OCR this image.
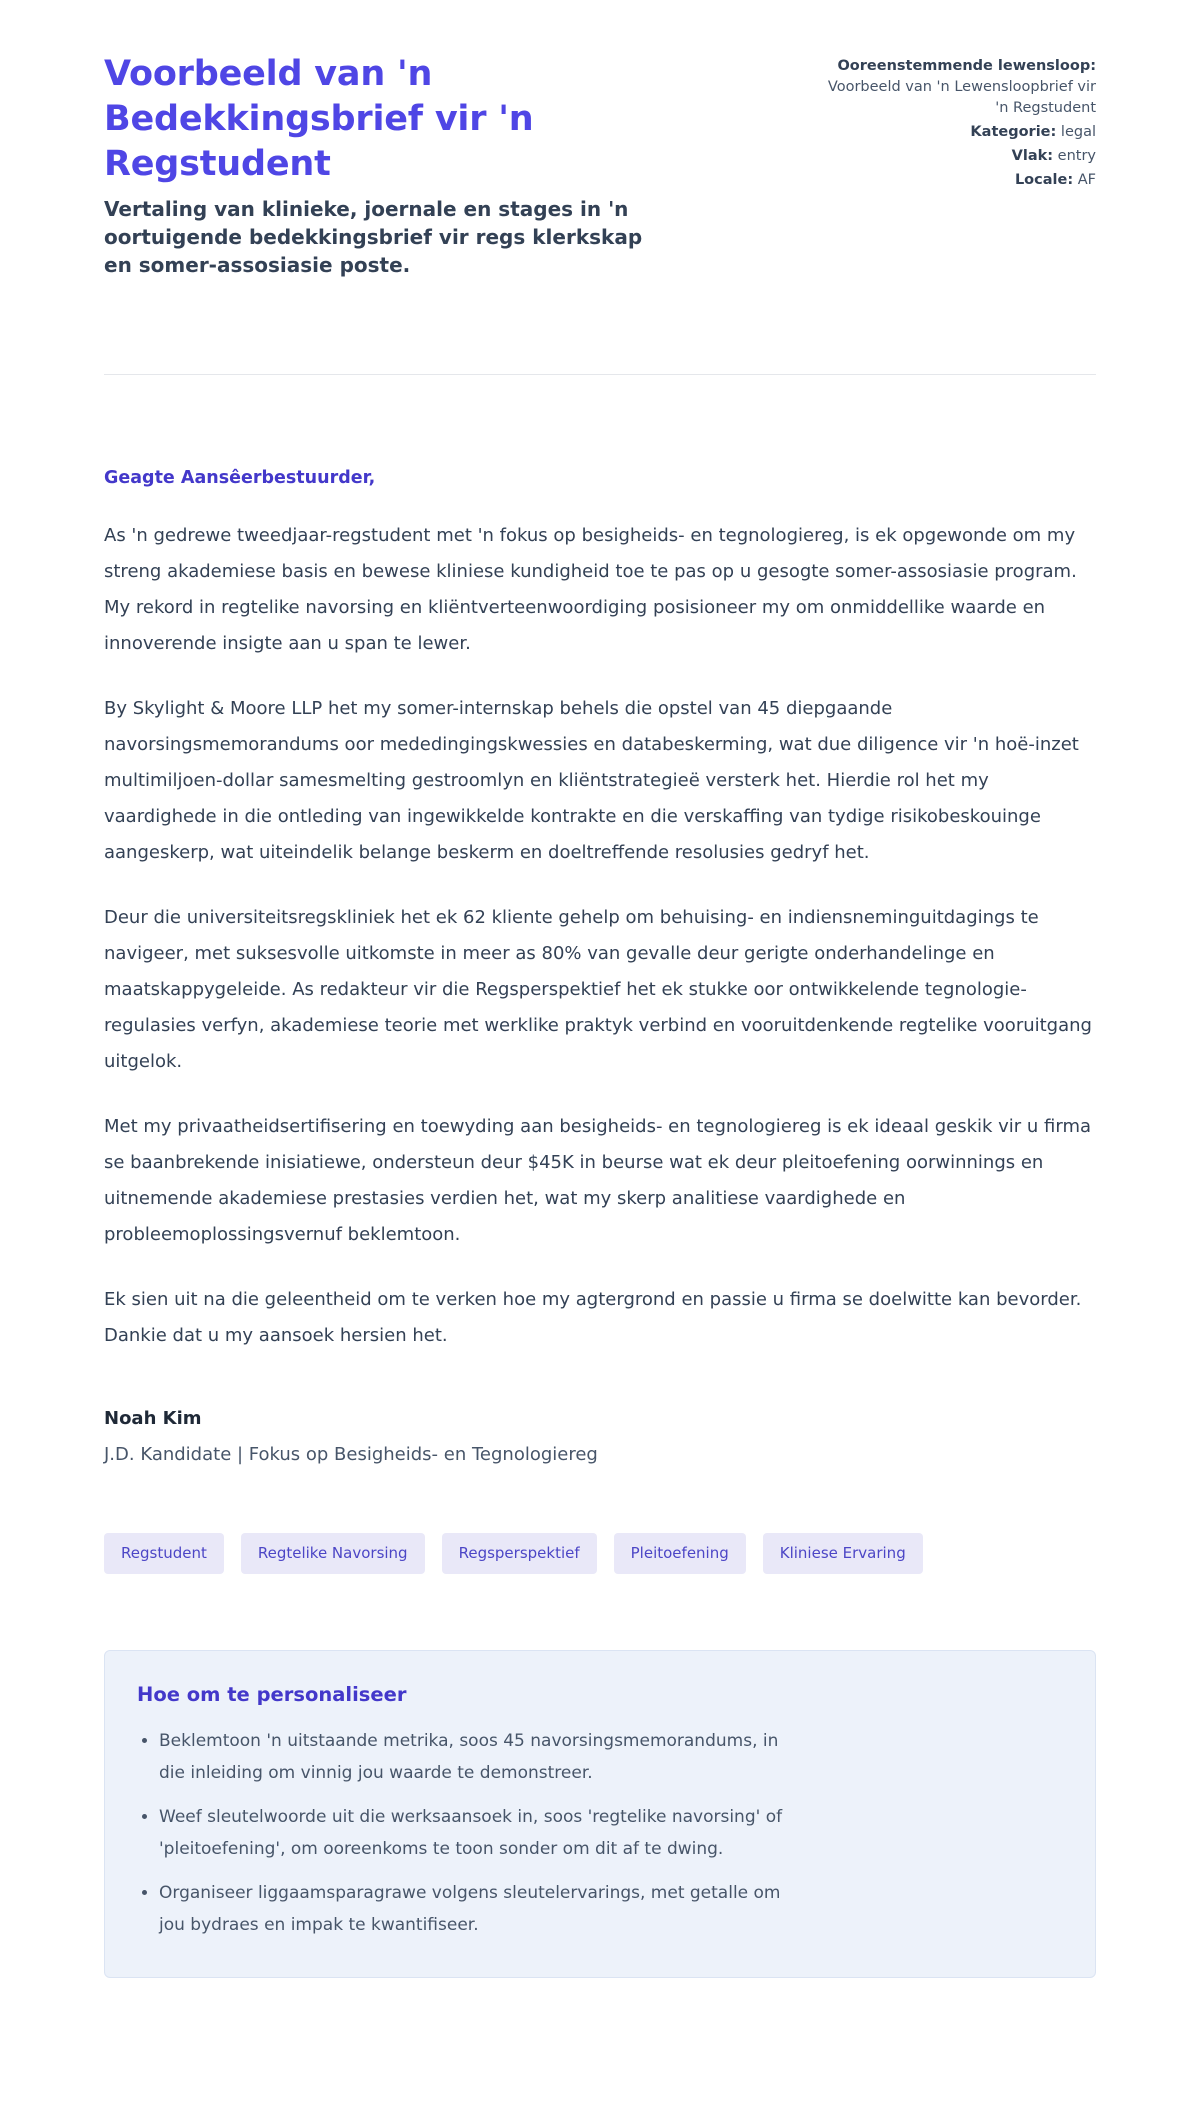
Voorbeeld van 'n Bedekkingsbrief vir 'n Regstudent

Vertaling van klinieke, joernale en stages in 'n oortuigende bedekkingsbrief vir regs klerkskap en somer-assosiasie poste.

Ooreenstemmende lewensloop: Voorbeeld van 'n Lewensloopbrief vir 'n Regstudent

Kategorie: legal

Vlak: entry

Locale: AF

Geagte Aansêerbestuurder,

As 'n gedrewe tweedjaar-regstudent met 'n fokus op besigheids- en tegnologiereg, is ek opgewonde om my streng akademiese basis en bewese kliniese kundigheid toe te pas op u gesogte somer-assosiasie program. My rekord in regtelike navorsing en kliëntverteenwoordiging posisioneer my om onmiddellike waarde en innoverende insigte aan u span te lewer.

By Skylight & Moore LLP het my somer-internskap behels die opstel van 45 diepgaande navorsingsmemorandums oor mededingingskwessies en databeskerming, wat due diligence vir 'n hoë-inzet multimiljoen-dollar samesmelting gestroomlyn en kliëntstrategieë versterk het. Hierdie rol het my vaardighede in die ontleding van ingewikkelde kontrakte en die verskaffing van tydige risikobeskouinge aangeskerp, wat uiteindelik belange beskerm en doeltreffende resolusies gedryf het.

Deur die universiteitsregskliniek het ek 62 kliente gehelp om behuising- en indiensneminguitdagings te navigeer, met suksesvolle uitkomste in meer as 80% van gevalle deur gerigte onderhandelinge en maatskappygeleide. As redakteur vir die Regsperspektief het ek stukke oor ontwikkelende tegnologie-regulasies verfyn, akademiese teorie met werklike praktyk verbind en vooruitdenkende regtelike vooruitgang uitgelok.

Met my privaatheidsertifisering en toewyding aan besigheids- en tegnologiereg is ek ideaal geskik vir u firma se baanbrekende inisiatiewe, ondersteun deur $45K in beurse wat ek deur pleitoefening oorwinnings en uitnemende akademiese prestasies verdien het, wat my skerp analitiese vaardighede en probleemoplossingsvernuf beklemtoon.

Ek sien uit na die geleentheid om te verken hoe my agtergrond en passie u firma se doelwitte kan bevorder. Dankie dat u my aansoek hersien het.

Noah Kim

J.D. Kandidate | Fokus op Besigheids- en Tegnologiereg

Regstudent	Regtelike Navorsing	Regsperspektief	Pleitoefening	Kliniese Ervaring
Hoe om te personaliseer
• Beklemtoon 'n uitstaande metrika, soos 45 navorsingsmemorandums, in die inleiding om vinnig jou waarde te demonstreer.
• Weef sleutelwoorde uit die werksaansoek in, soos 'regtelike navorsing' of 'pleitoefening', om ooreenkoms te toon sonder om dit af te dwing.
• Organiseer liggaamsparagrawe volgens sleutelervarings, met getalle om jou bydraes en impak te kwantifiseer.
